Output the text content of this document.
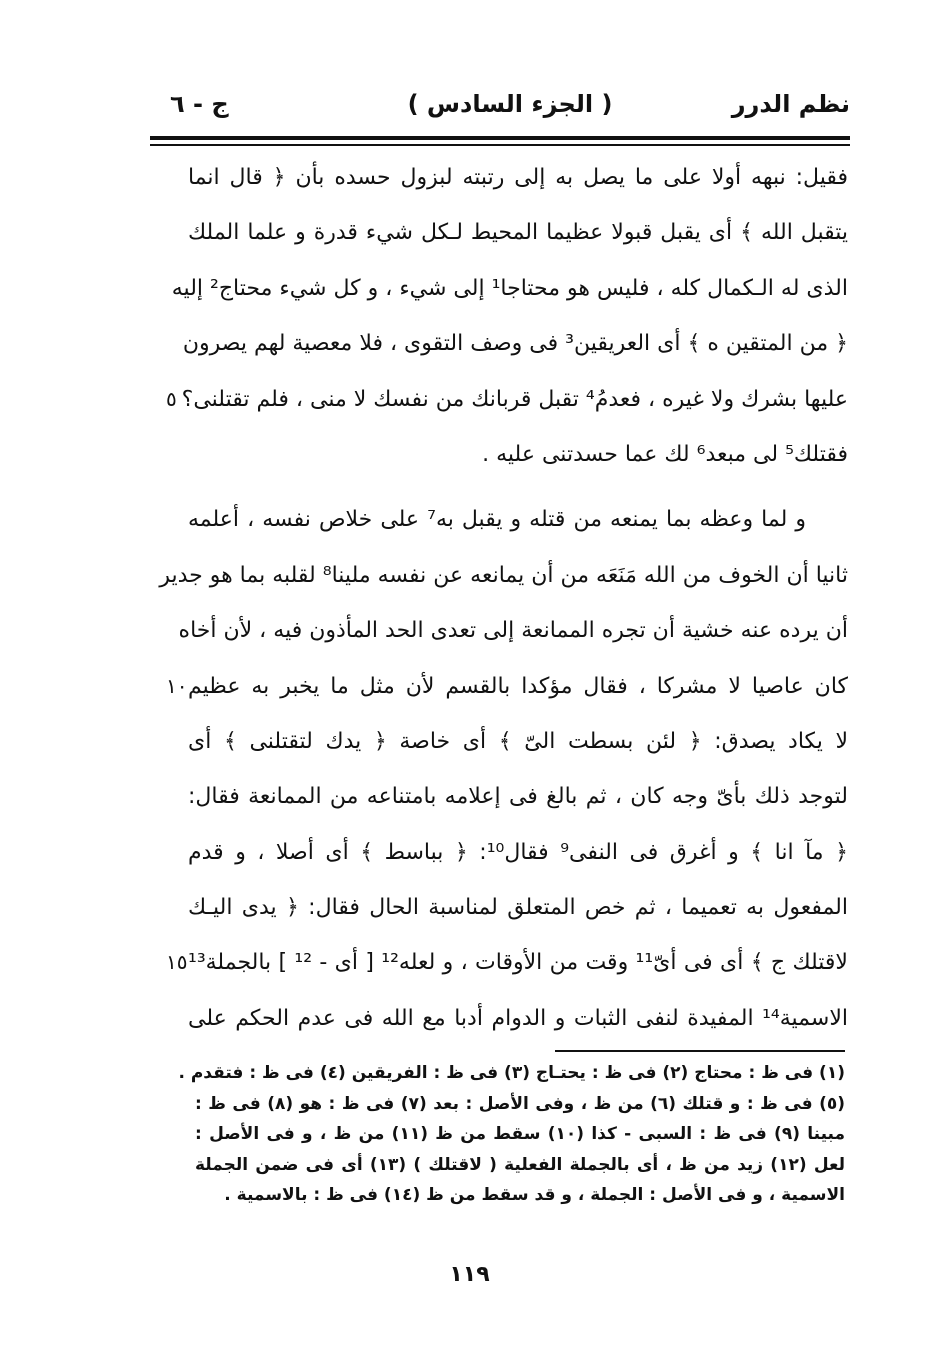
نظم الدرر
( الجزء السادس )
ج - ٦
فقيل: نبهه أولا على ما يصل به إلى رتبته لبزول حسده بأن ﴿ قال انما
يتقبل الله ﴾ أى يقبل قبولا عظيما المحيط لـكل شيء قدرة و علما الملك
الذى له الـكمال كله ، فليس هو محتاجا¹ إلى شيء ، و كل شيء محتاج² إليه
﴿ من المتقين ه ﴾ أى العريقين³ فى وصف التقوى ، فلا معصية لهم يصرون
عليها بشرك ولا غيره ، فعدمُ⁴ تقبل قربانك من نفسك لا منى ، فلم تقتلنى؟
٥
فقتلك⁵ لى مبعد⁶ لك عما حسدتنى عليه .
و لما وعظه بما يمنعه من قتله و يقبل به⁷ على خلاص نفسه ، أعلمه
ثانيا أن الخوف من الله مَنَعَه من أن يمانعه عن نفسه ملينا⁸ لقلبه بما هو جدير
أن يرده عنه خشية أن تجره الممانعة إلى تعدى الحد المأذون فيه ، لأن أخاه
كان عاصيا لا مشركا ، فقال مؤكدا بالقسم لأن مثل ما يخبر به عظيم
١٠
لا يكاد يصدق: ﴿ لئن بسطت الىّ ﴾ أى خاصة ﴿ يدك لتقتلنى ﴾ أى
لتوجد ذلك بأىّ وجه كان ، ثم بالغ فى إعلامه بامتناعه من الممانعة فقال:
﴿ مآ انا ﴾ و أغرق فى النفى⁹ فقال¹⁰: ﴿ بباسط ﴾ أى أصلا ، و قدم
المفعول به تعميما ، ثم خص المتعلق لمناسبة الحال فقال: ﴿ يدى اليـك
لاقتلك ج ﴾ أى فى أىّ¹¹ وقت من الأوقات ، و لعله¹² [ أى - ¹² ] بالجملة¹³
١٥
الاسمية¹⁴ المفيدة لنفى الثبات و الدوام أدبا مع الله فى عدم الحكم على
(١) فى ظ : محتاج (٢) فى ظ : يحتـاج (٣) فى ظ : الفريقين (٤) فى ظ : فتقدم .
(٥) فى ظ : و قتلك (٦) من ظ ، وفى الأصل : بعد (٧) فى ظ : هو (٨) فى ظ :
مبينا (٩) فى ظ : السبى - كذا (١٠) سقط من ظ (١١) من ظ ، و فى الأصل :
لعل (١٢) زيد من ظ ، أى بالجملة الفعلية ( لاقتلك ) (١٣) أى فى ضمن الجملة
الاسمية ، و فى الأصل : الجملة ، و قد سقط من ظ (١٤) فى ظ : بالاسمية .
١١٩
